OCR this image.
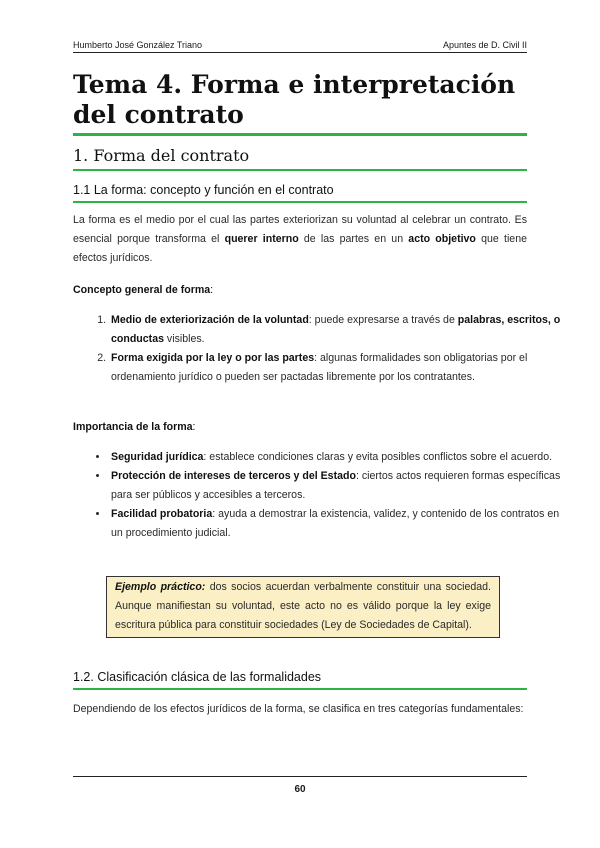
Humberto José González Triano	Apuntes de D. Civil II
Tema 4. Forma e interpretación del contrato
1. Forma del contrato
1.1 La forma: concepto y función en el contrato

La forma es el medio por el cual las partes exteriorizan su voluntad al celebrar un contrato. Es esencial porque transforma el querer interno de las partes en un acto objetivo que tiene efectos jurídicos.

Concepto general de forma:

1. Medio de exteriorización de la voluntad: puede expresarse a través de palabras, escritos, o conductas visibles.
2. Forma exigida por la ley o por las partes: algunas formalidades son obligatorias por el ordenamiento jurídico o pueden ser pactadas libremente por los contratantes.

Importancia de la forma:

• Seguridad jurídica: establece condiciones claras y evita posibles conflictos sobre el acuerdo.
• Protección de intereses de terceros y del Estado: ciertos actos requieren formas específicas para ser públicos y accesibles a terceros.
• Facilidad probatoria: ayuda a demostrar la existencia, validez, y contenido de los contratos en un procedimiento judicial.
Ejemplo práctico: dos socios acuerdan verbalmente constituir una sociedad. Aunque manifiestan su voluntad, este acto no es válido porque la ley exige escritura pública para constituir sociedades (Ley de Sociedades de Capital).
1.2. Clasificación clásica de las formalidades

Dependiendo de los efectos jurídicos de la forma, se clasifica en tres categorías fundamentales:

60
